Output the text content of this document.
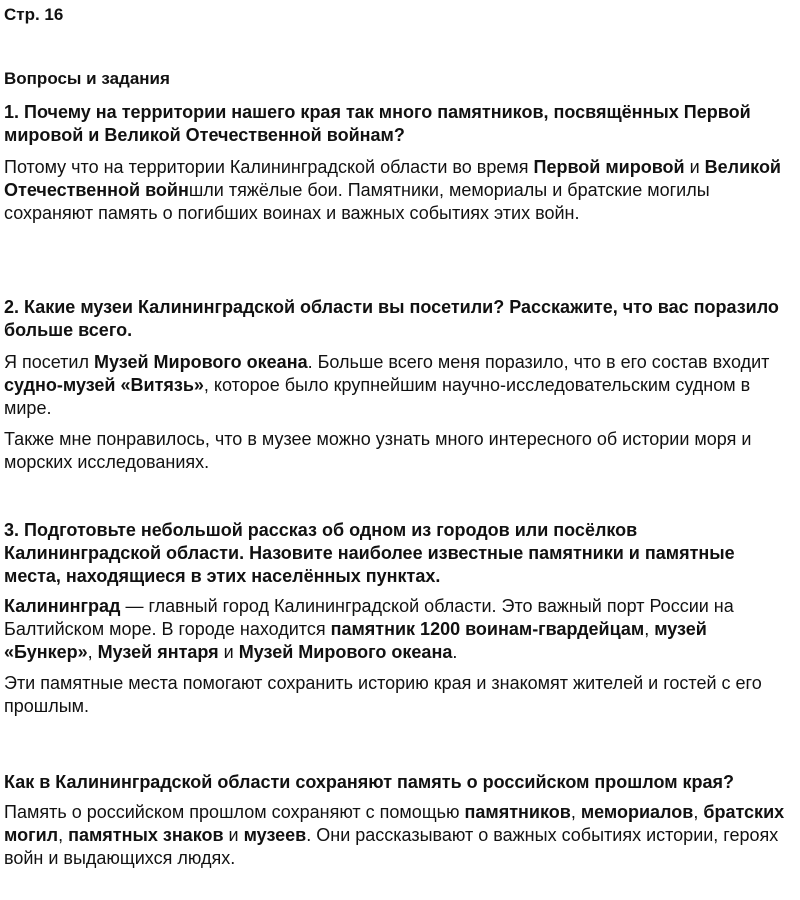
Стр. 16

Вопросы и задания

1. Почему на территории нашего края так много памятников, посвящённых Первой мировой и Великой Отечественной войнам?

Потому что на территории Калининградской области во время Первой мировой и Великой Отечественной войншли тяжёлые бои. Памятники, мемориалы и братские могилы сохраняют память о погибших воинах и важных событиях этих войн.

2. Какие музеи Калининградской области вы посетили? Расскажите, что вас поразило больше всего.

Я посетил Музей Мирового океана. Больше всего меня поразило, что в его состав входит судно-музей «Витязь», которое было крупнейшим научно-исследовательским судном в мире.

Также мне понравилось, что в музее можно узнать много интересного об истории моря и морских исследованиях.

3. Подготовьте небольшой рассказ об одном из городов или посёлков Калининградской области. Назовите наиболее известные памятники и памятные места, находящиеся в этих населённых пунктах.

Калининград — главный город Калининградской области. Это важный порт России на Балтийском море. В городе находится памятник 1200 воинам-гвардейцам, музей «Бункер», Музей янтаря и Музей Мирового океана.

Эти памятные места помогают сохранить историю края и знакомят жителей и гостей с его прошлым.

Как в Калининградской области сохраняют память о российском прошлом края?

Память о российском прошлом сохраняют с помощью памятников, мемориалов, братских могил, памятных знаков и музеев. Они рассказывают о важных событиях истории, героях войн и выдающихся людях.
